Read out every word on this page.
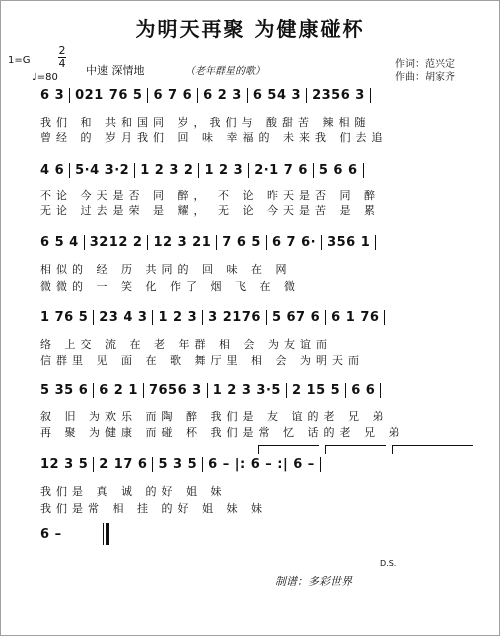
为明天再聚 为健康碰杯
1=G
2
4
♩=80
中速 深情地	（老年群星的歌）
作词：范兴定
作曲：胡家齐
6 3 021 76 5 6 7 6 6 2 3 6 54 3 2356 3
我们 和 共和国同 岁，我们与 酸甜苦 辣相随
曾经 的 岁月我们 回 味 幸福的 未来我 们去追
4 6 5·4 3·2 1 2 3 2 1 2 3 2·1 7 6 5 6 6
不论 今天是否 同 醉， 不 论 昨天是否 同 醉
无论 过去是荣 是 耀， 无 论 今天是苦 是 累
6 5 4 3212 2 12 3 21 7 6 5 6 7 6· 356 1
相似的 经 历 共同的 回 味 在 网
微微的 一 笑 化 作了 烟 飞 在 微
1 76 5 23 4 3 1 2 3 3 2176 5 67 6 6 1 76
络 上交 流 在 老 年群 相 会 为友谊而
信群里 见 面 在 歌 舞厅里 相 会 为明天而
5 35 6 6 2 1 7656 3 1 2 3 3·5 2 15 5 6 6
叙 旧 为欢乐 而陶 醉 我们是 友 谊的老 兄 弟
再 聚 为健康 而碰 杯 我们是常 忆 话的老 兄 弟
12 3 5 2 17 6 5 3 5 6 – |: 6 – :| 6 –
我们是 真 诚 的好 姐 妹
我们是常 相 挂 的好 姐 妹 妹
6 –
D.S.
制谱：多彩世界
